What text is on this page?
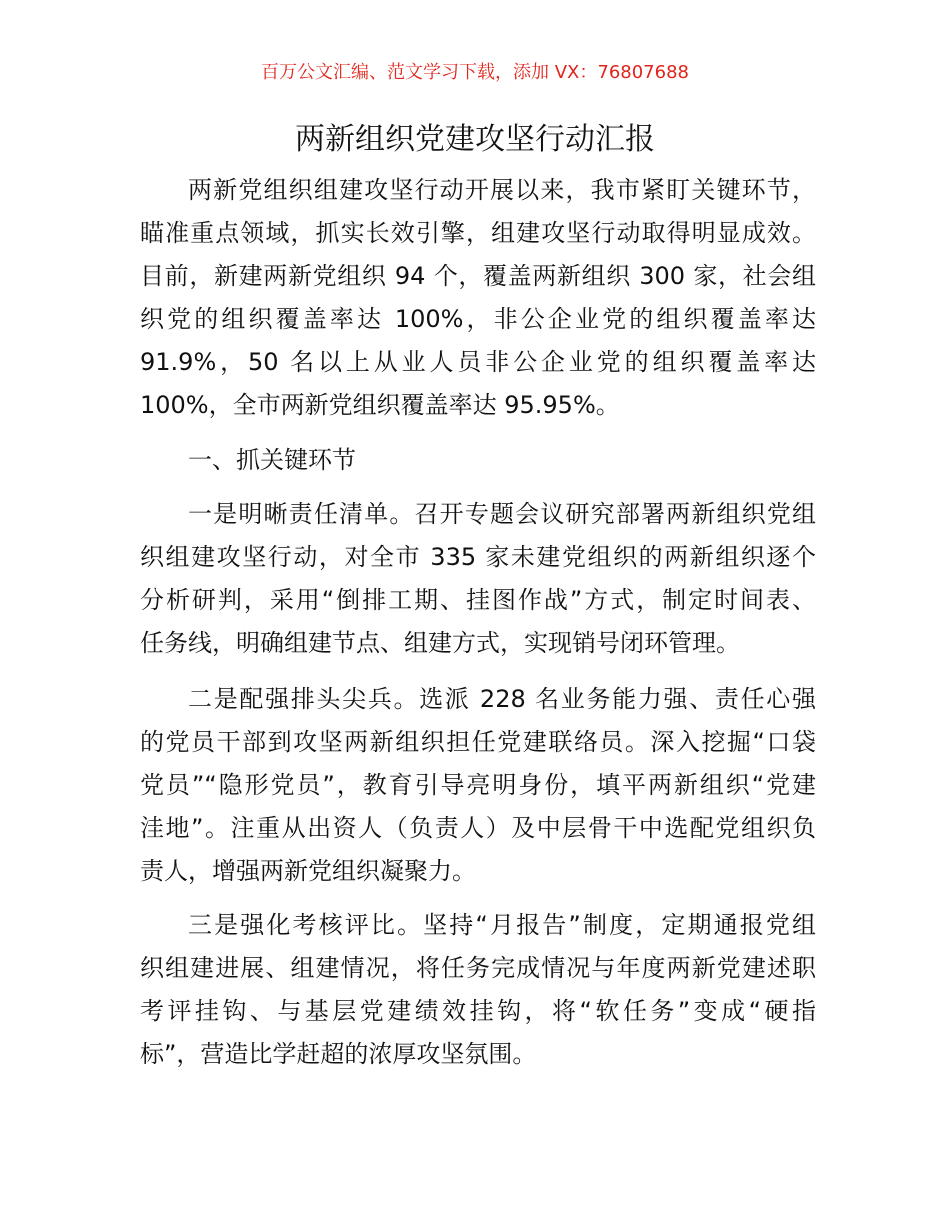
百万公文汇编、范文学习下载，添加 VX：76807688
两新组织党建攻坚行动汇报
两新党组织组建攻坚行动开展以来，我市紧盯关键环节，
瞄准重点领域，抓实长效引擎，组建攻坚行动取得明显成效。
目前，新建两新党组织 94 个，覆盖两新组织 300 家，社会组
织党的组织覆盖率达 100%，非公企业党的组织覆盖率达
91.9%，50 名以上从业人员非公企业党的组织覆盖率达
100%，全市两新党组织覆盖率达 95.95%。
一、抓关键环节
一是明晰责任清单。召开专题会议研究部署两新组织党组
织组建攻坚行动，对全市 335 家未建党组织的两新组织逐个
分析研判，采用“倒排工期、挂图作战”方式，制定时间表、
任务线，明确组建节点、组建方式，实现销号闭环管理。
二是配强排头尖兵。选派 228 名业务能力强、责任心强
的党员干部到攻坚两新组织担任党建联络员。深入挖掘“口袋
党员”“隐形党员”，教育引导亮明身份，填平两新组织“党建
洼地”。注重从出资人（负责人）及中层骨干中选配党组织负
责人，增强两新党组织凝聚力。
三是强化考核评比。坚持“月报告”制度，定期通报党组
织组建进展、组建情况，将任务完成情况与年度两新党建述职
考评挂钩、与基层党建绩效挂钩，将“软任务”变成“硬指
标”，营造比学赶超的浓厚攻坚氛围。
